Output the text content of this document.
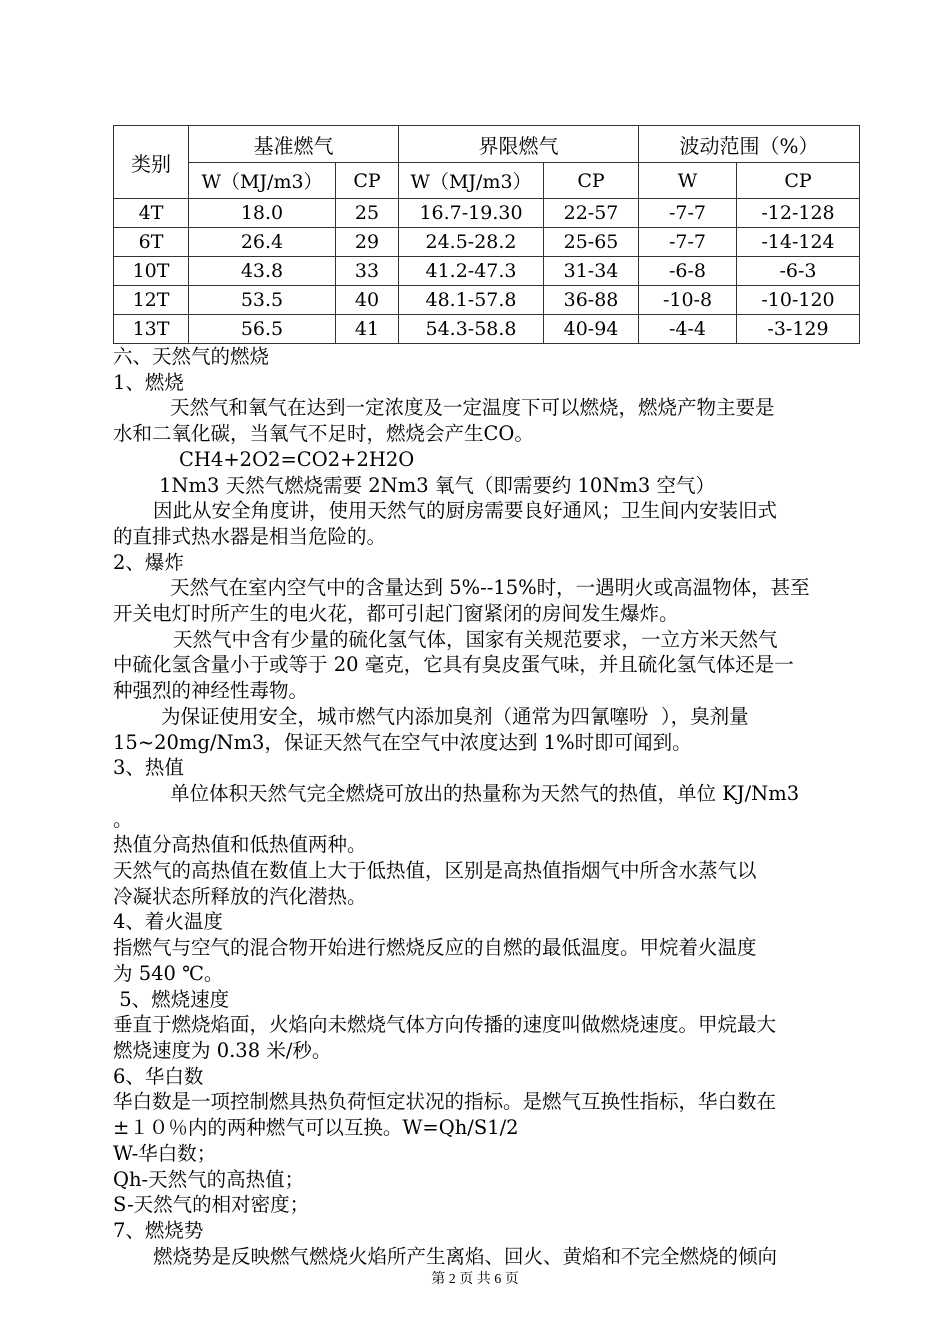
类别	基准燃气		界限燃气		波动范围（%）	
	W（MJ/m3）	CP	W（MJ/m3）	CP	W	CP
4T	18.0	25	16.7-19.30	22-57	-7-7	-12-128
6T	26.4	29	24.5-28.2	25-65	-7-7	-14-124
10T	43.8	33	41.2-47.3	31-34	-6-8	-6-3
12T	53.5	40	48.1-57.8	36-88	-10-8	-10-120
13T	56.5	41	54.3-58.8	40-94	-4-4	-3-129

六、天然气的燃烧

1、燃烧

天然气和氧气在达到一定浓度及一定温度下可以燃烧，燃烧产物主要是

水和二氧化碳，当氧气不足时，燃烧会产生CO。

CH4+2O2=CO2+2H2O

1Nm3 天然气燃烧需要 2Nm3 氧气（即需要约 10Nm3 空气）

因此从安全角度讲，使用天然气的厨房需要良好通风；卫生间内安装旧式

的直排式热水器是相当危险的。

2、爆炸

天然气在室内空气中的含量达到 5%--15%时，一遇明火或高温物体，甚至

开关电灯时所产生的电火花，都可引起门窗紧闭的房间发生爆炸。

天然气中含有少量的硫化氢气体，国家有关规范要求，一立方米天然气

中硫化氢含量小于或等于 20 毫克，它具有臭皮蛋气味，并且硫化氢气体还是一

种强烈的神经性毒物。

为保证使用安全，城市燃气内添加臭剂（通常为四氰噻吩  ），臭剂量

15~20mg/Nm3，保证天然气在空气中浓度达到 1%时即可闻到。

3、热值

单位体积天然气完全燃烧可放出的热量称为天然气的热值，单位 KJ/Nm3

。

热值分高热值和低热值两种。

天然气的高热值在数值上大于低热值，区别是高热值指烟气中所含水蒸气以

冷凝状态所释放的汽化潜热。

4、着火温度

指燃气与空气的混合物开始进行燃烧反应的自燃的最低温度。甲烷着火温度

为 540 ℃。

5、燃烧速度

垂直于燃烧焰面，火焰向未燃烧气体方向传播的速度叫做燃烧速度。甲烷最大

燃烧速度为 0.38 米/秒。

6、华白数

华白数是一项控制燃具热负荷恒定状况的指标。是燃气互换性指标，华白数在

±１０％内的两种燃气可以互换。W=Qh/S1/2

W-华白数；

Qh-天然气的高热值；

S-天然气的相对密度；

7、燃烧势

燃烧势是反映燃气燃烧火焰所产生离焰、回火、黄焰和不完全燃烧的倾向

第 2 页 共 6 页
